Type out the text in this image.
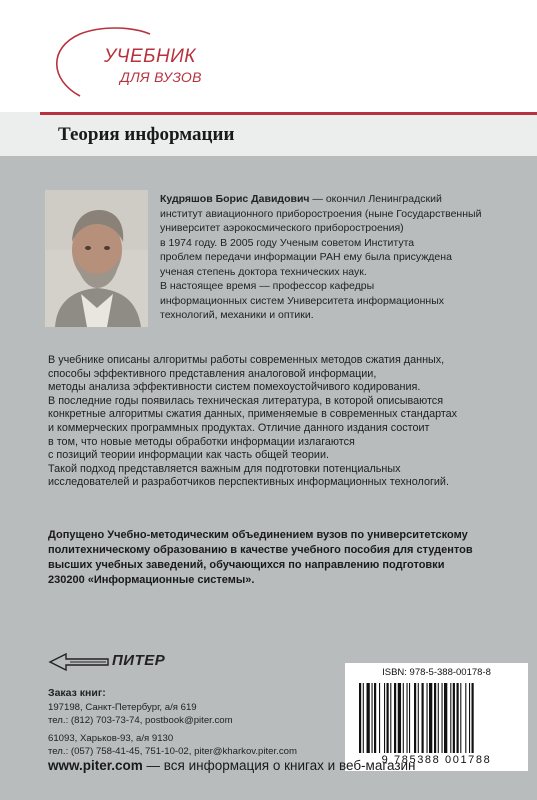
УЧЕБНИК
ДЛЯ ВУЗОВ
Теория информации

Кудряшов Борис Давидович — окончил Ленинградский

институт авиационного приборостроения (ныне Государственный

университет аэрокосмического приборостроения)

в 1974 году. В 2005 году Ученым советом Института

проблем передачи информации РАН ему была присуждена

ученая степень доктора технических наук.

В настоящее время — профессор кафедры

информационных систем Университета информационных

технологий, механики и оптики.

В учебнике описаны алгоритмы работы современных методов сжатия данных,
способы эффективного представления аналоговой информации,
методы анализа эффективности систем помехоустойчивого кодирования.
В последние годы появилась техническая литература, в которой описываются
конкретные алгоритмы сжатия данных, применяемые в современных стандартах
и коммерческих программных продуктах. Отличие данного издания состоит
в том, что новые методы обработки информации излагаются
с позиций теории информации как часть общей теории.
Такой подход представляется важным для подготовки потенциальных
исследователей и разработчиков перспективных информационных технологий.
Допущено Учебно-методическим объединением вузов по университетскому
политехническому образованию в качестве учебного пособия для студентов
высших учебных заведений, обучающихся по направлению подготовки
230200 «Информационные системы».
ПИТЕР
Заказ книг:
197198, Санкт-Петербург, а/я 619
тел.: (812) 703-73-74, postbook@piter.com
61093, Харьков-93, а/я 9130
тел.: (057) 758-41-45, 751-10-02, piter@kharkov.piter.com
ISBN: 978-5-388-00178-8
9 785388 001788
www.piter.com — вся информация о книгах и веб-магазин
